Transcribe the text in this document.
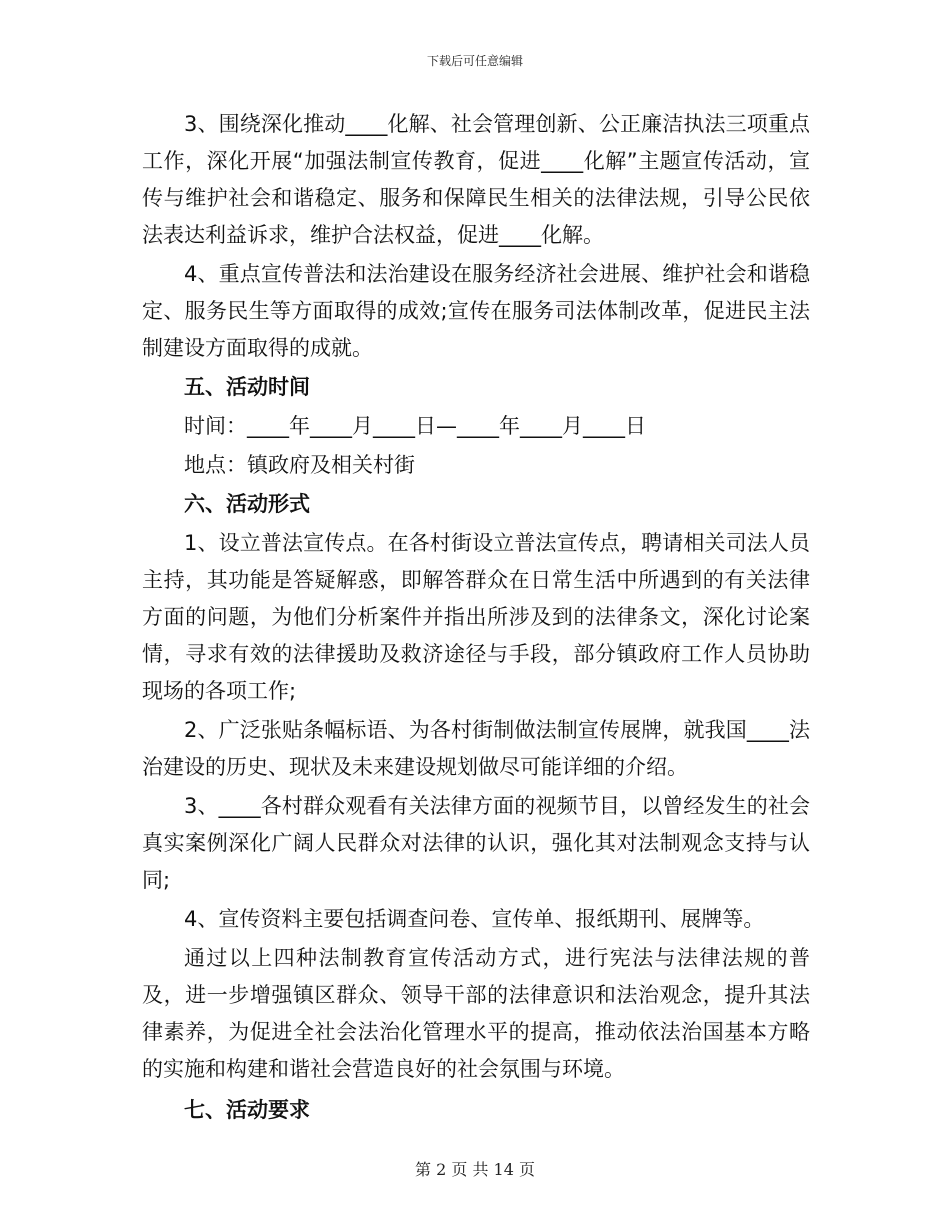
下载后可任意编辑

3、围绕深化推动____化解、社会管理创新、公正廉洁执法三项重点工作，深化开展“加强法制宣传教育，促进____化解”主题宣传活动，宣传与维护社会和谐稳定、服务和保障民生相关的法律法规，引导公民依法表达利益诉求，维护合法权益，促进____化解。

4、重点宣传普法和法治建设在服务经济社会进展、维护社会和谐稳定、服务民生等方面取得的成效;宣传在服务司法体制改革，促进民主法制建设方面取得的成就。

五、活动时间

时间：____年____月____日—____年____月____日

地点：镇政府及相关村街

六、活动形式

1、设立普法宣传点。在各村街设立普法宣传点，聘请相关司法人员主持，其功能是答疑解惑，即解答群众在日常生活中所遇到的有关法律方面的问题，为他们分析案件并指出所涉及到的法律条文，深化讨论案情，寻求有效的法律援助及救济途径与手段，部分镇政府工作人员协助现场的各项工作;

2、广泛张贴条幅标语、为各村街制做法制宣传展牌，就我国____法治建设的历史、现状及未来建设规划做尽可能详细的介绍。

3、____各村群众观看有关法律方面的视频节目，以曾经发生的社会真实案例深化广阔人民群众对法律的认识，强化其对法制观念支持与认同;

4、宣传资料主要包括调查问卷、宣传单、报纸期刊、展牌等。

通过以上四种法制教育宣传活动方式，进行宪法与法律法规的普及，进一步增强镇区群众、领导干部的法律意识和法治观念，提升其法律素养，为促进全社会法治化管理水平的提高，推动依法治国基本方略的实施和构建和谐社会营造良好的社会氛围与环境。

七、活动要求

第 2 页 共 14 页
